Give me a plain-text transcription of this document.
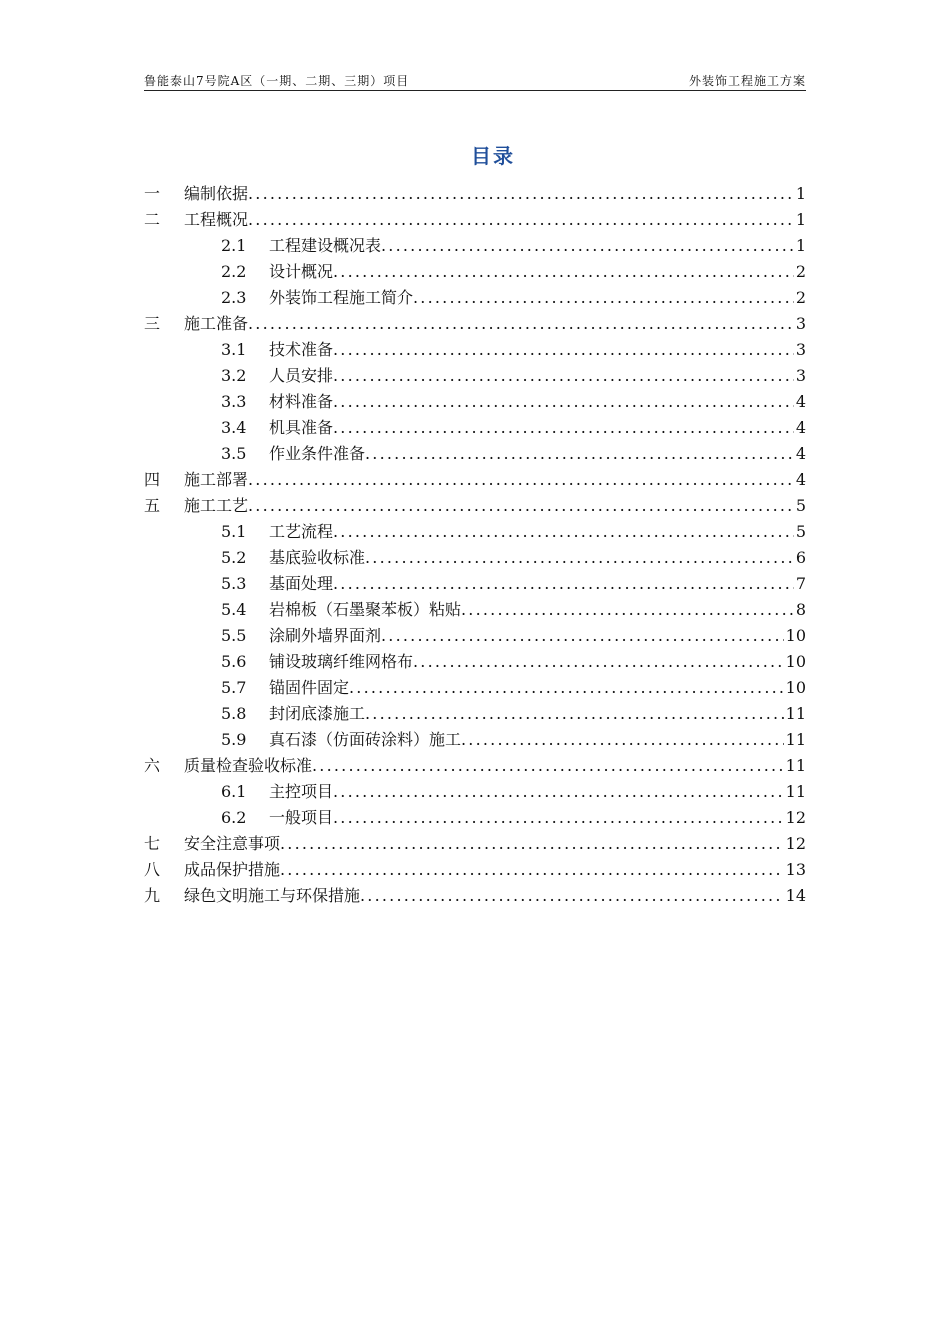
鲁能泰山7号院A区（一期、二期、三期）项目	外装饰工程施工方案
目录
一	编制依据 .....	1
二	工程概况 .....	1
2.1	工程建设概况表 .....	1
2.2	设计概况 .....	2
2.3	外装饰工程施工简介 .....	2
三	施工准备 .....	3
3.1	技术准备 .....	3
3.2	人员安排 .....	3
3.3	材料准备 .....	4
3.4	机具准备 .....	4
3.5	作业条件准备 .....	4
四	施工部署 .....	4
五	施工工艺 .....	5
5.1	工艺流程 .....	5
5.2	基底验收标准 .....	6
5.3	基面处理 .....	7
5.4	岩棉板（石墨聚苯板）粘贴 .....	8
5.5	涂刷外墙界面剂 .....	10
5.6	铺设玻璃纤维网格布 .....	10
5.7	锚固件固定 .....	10
5.8	封闭底漆施工 .....	11
5.9	真石漆（仿面砖涂料）施工 .....	11
六	质量检查验收标准 .....	11
6.1	主控项目 .....	11
6.2	一般项目 .....	12
七	安全注意事项 .....	12
八	成品保护措施 .....	13
九	绿色文明施工与环保措施 .....	14
